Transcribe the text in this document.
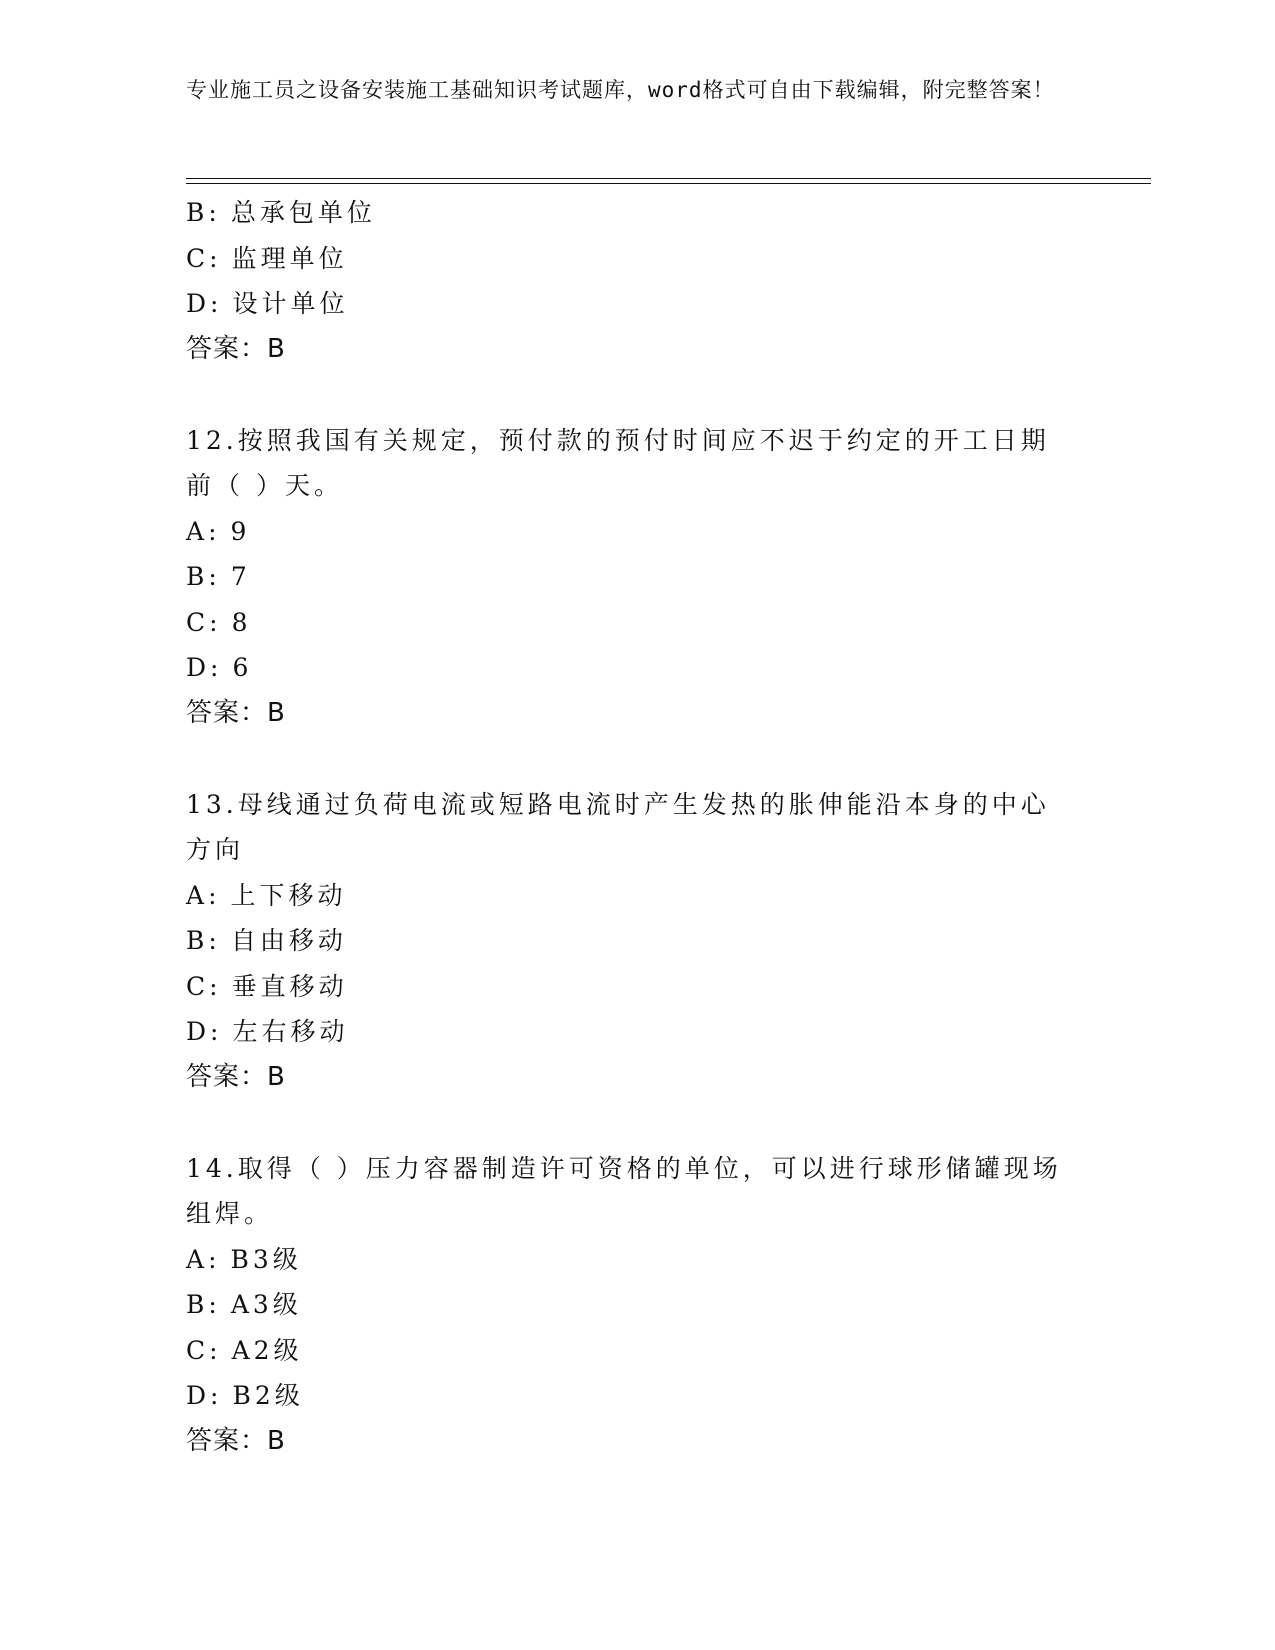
专业施工员之设备安装施工基础知识考试题库，word格式可自由下载编辑，附完整答案！
B: 总承包单位
C: 监理单位
D: 设计单位
答案：B
12.按照我国有关规定，预付款的预付时间应不迟于约定的开工日期前（ ）天。
A: 9
B: 7
C: 8
D: 6
答案：B
13.母线通过负荷电流或短路电流时产生发热的胀伸能沿本身的中心方向
A: 上下移动
B: 自由移动
C: 垂直移动
D: 左右移动
答案：B
14.取得（ ）压力容器制造许可资格的单位，可以进行球形储罐现场组焊。
A: B3级
B: A3级
C: A2级
D: B2级
答案：B
